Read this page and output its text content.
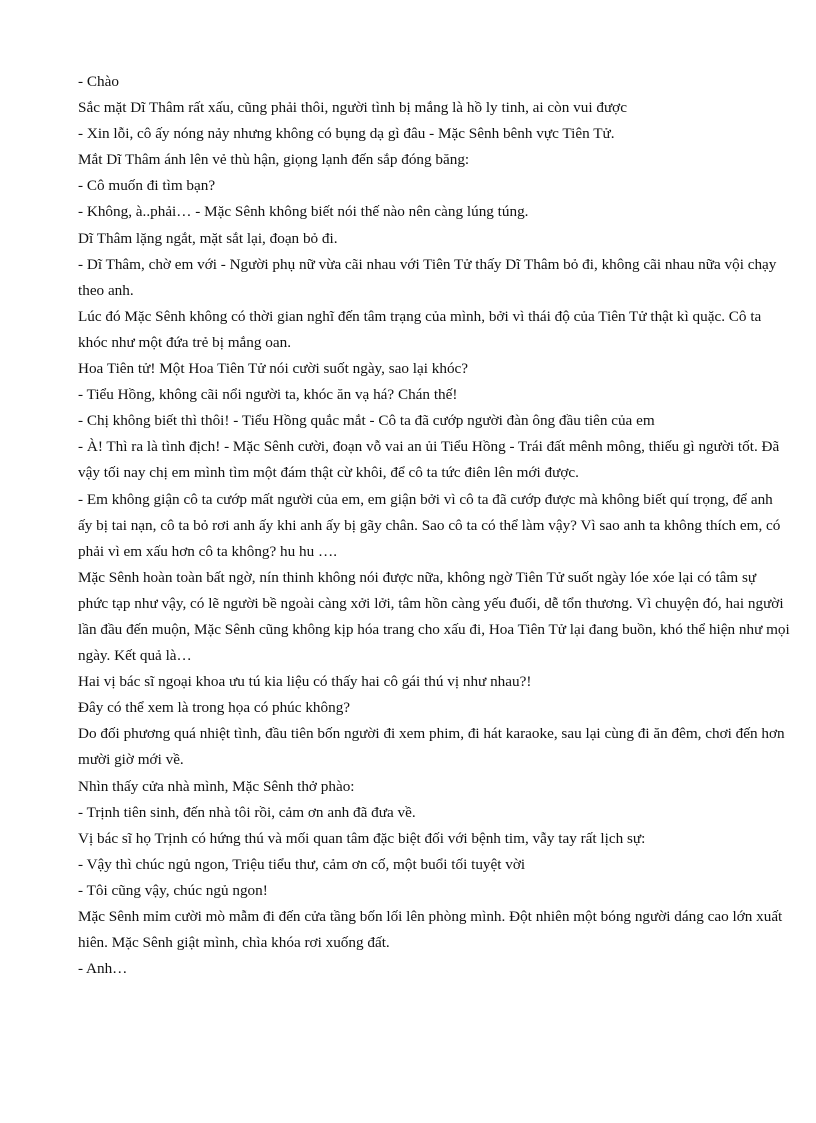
- Chào

Sắc mặt Dĩ Thâm rất xấu, cũng phải thôi, người tình bị mắng là hồ ly tinh, ai còn vui được

- Xin lỗi, cô ấy nóng nảy nhưng không có bụng dạ gì đâu - Mặc Sênh bênh vực Tiên Tử.

Mắt Dĩ Thâm ánh lên vẻ thù hận, giọng lạnh đến sắp đóng băng:

- Cô muốn đi tìm bạn?

- Không, à..phải… - Mặc Sênh không biết nói thế nào nên càng lúng túng.

Dĩ Thâm lặng ngắt, mặt sắt lại, đoạn bỏ đi.

- Dĩ Thâm, chờ em với - Người phụ nữ vừa cãi nhau với Tiên Tử thấy Dĩ Thâm bỏ đi, không cãi nhau nữa vội chạy theo anh.

Lúc đó Mặc Sênh không có thời gian nghĩ đến tâm trạng của mình, bởi vì thái độ của Tiên Tử thật kì quặc. Cô ta khóc như một đứa trẻ bị mắng oan.

Hoa Tiên tử! Một Hoa Tiên Tử nói cười suốt ngày, sao lại khóc?

- Tiểu Hồng, không cãi nổi người ta, khóc ăn vạ há? Chán thế!

- Chị không biết thì thôi! - Tiểu Hồng quắc mắt - Cô ta đã cướp người đàn ông đầu tiên của em

- À! Thì ra là tình địch! - Mặc Sênh cười, đoạn vỗ vai an ủi Tiểu Hồng - Trái đất mênh mông, thiếu gì người tốt. Đã vậy tối nay chị em mình tìm một đám thật cừ khôi, để cô ta tức điên lên mới được.

- Em không giận cô ta cướp mất người của em, em giận bởi vì cô ta đã cướp được mà không biết quí trọng, để anh ấy bị tai nạn, cô ta bỏ rơi anh ấy khi anh ấy bị gãy chân. Sao cô ta có thể làm vậy? Vì sao anh ta không thích em, có phải vì em xấu hơn cô ta không? hu hu ….

Mặc Sênh hoàn toàn bất ngờ, nín thinh không nói được nữa, không ngờ Tiên Tử suốt ngày lóe xóe lại có tâm sự phức tạp như vậy, có lẽ người bề ngoài càng xởi lởi, tâm hồn càng yếu đuối, dễ tổn thương. Vì chuyện đó, hai người lần đầu đến muộn, Mặc Sênh cũng không kịp hóa trang cho xấu đi, Hoa Tiên Tử lại đang buồn, khó thể hiện như mọi ngày. Kết quả là…

Hai vị bác sĩ ngoại khoa ưu tú kia liệu có thấy hai cô gái thú vị như nhau?!

Đây có thể xem là trong họa có phúc không?

Do đối phương quá nhiệt tình, đầu tiên bốn người đi xem phim, đi hát karaoke, sau lại cùng đi ăn đêm, chơi đến hơn mười giờ mới về.

Nhìn thấy cửa nhà mình, Mặc Sênh thở phào:

- Trịnh tiên sinh, đến nhà tôi rồi, cảm ơn anh đã đưa về.

Vị bác sĩ họ Trịnh có hứng thú và mối quan tâm đặc biệt đối với bệnh tim, vẫy tay rất lịch sự:

- Vậy thì chúc ngủ ngon, Triệu tiểu thư, cảm ơn cố, một buổi tối tuyệt vời

- Tôi cũng vậy, chúc ngủ ngon!

Mặc Sênh mỉm cười mò mẫm đi đến cửa tầng bốn lối lên phòng mình. Đột nhiên một bóng người dáng cao lớn xuất hiên. Mặc Sênh giật mình, chìa khóa rơi xuống đất.

- Anh…
